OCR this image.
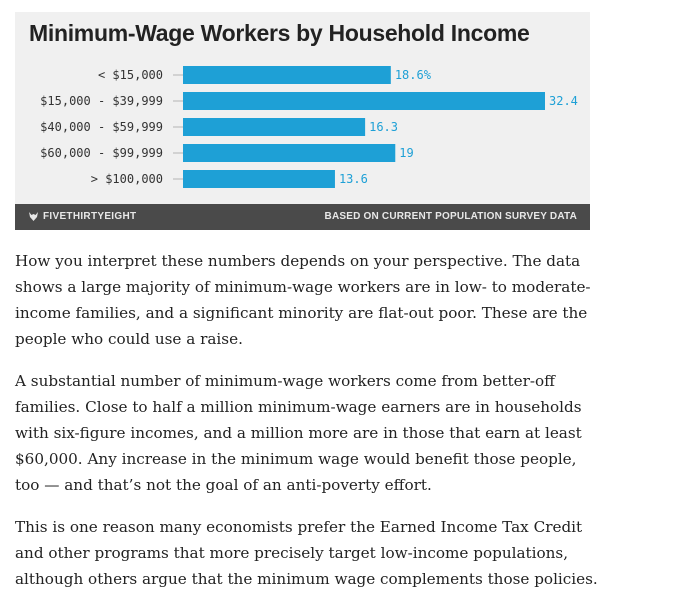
Minimum-Wage Workers by Household Income
< $15,000	18.6%
$15,000 - $39,999	32.4
$40,000 - $59,999	16.3
$60,000 - $99,999	19
> $100,000	13.6
FIVETHIRTYEIGHT	BASED ON CURRENT POPULATION SURVEY DATA

How you interpret these numbers depends on your perspective. The data shows a large majority of minimum-wage workers are in low- to moderate-income families, and a significant minority are flat-out poor. These are the people who could use a raise.

A substantial number of minimum-wage workers come from better-off families. Close to half a million minimum-wage earners are in households with six-figure incomes, and a million more are in those that earn at least $60,000. Any increase in the minimum wage would benefit those people, too — and that’s not the goal of an anti-poverty effort.

This is one reason many economists prefer the Earned Income Tax Credit and other programs that more precisely target low-income populations, although others argue that the minimum wage complements those policies.
